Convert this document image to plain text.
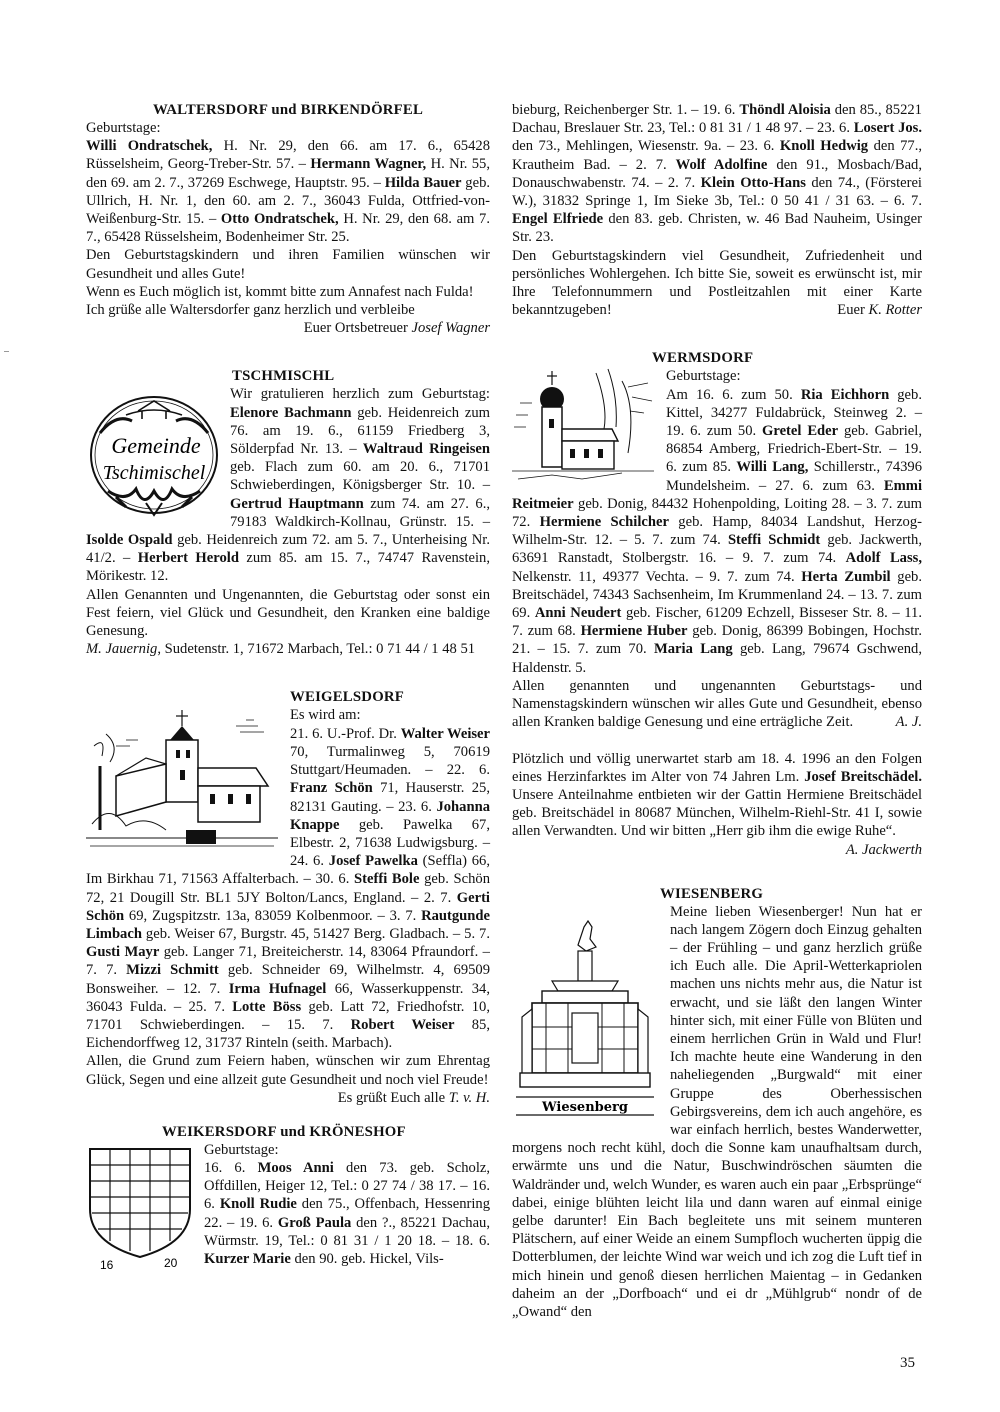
WALTERSDORF und BIRKENDÖRFEL

Geburtstage:

Willi Ondratschek, H. Nr. 29, den 66. am 17. 6., 65428 Rüsselsheim, Georg-Treber-Str. 57. – Hermann Wagner, H. Nr. 55, den 69. am 2. 7., 37269 Eschwege, Hauptstr. 95. – Hilda Bauer geb. Ullrich, H. Nr. 1, den 60. am 2. 7., 36043 Fulda, Ottfried-von-Weißenburg-Str. 15. – Otto Ondratschek, H. Nr. 29, den 68. am 7. 7., 65428 Rüsselsheim, Bodenheimer Str. 25.

Den Geburtstagskindern und ihren Familien wünschen wir Gesundheit und alles Gute!

Wenn es Euch möglich ist, kommt bitte zum Annafest nach Fulda!

Ich grüße alle Waltersdorfer ganz herzlich und verbleibe

Euer Ortsbetreuer Josef Wagner

Gemeinde
Tschimischel
TSCHMISCHL

Wir gratulieren herzlich zum Geburtstag: Elenore Bachmann geb. Heidenreich zum 76. am 19. 6., 61159 Friedberg 3, Sölderpfad Nr. 13. – Waltraud Ringeisen geb. Flach zum 60. am 20. 6., 71701 Schwieberdingen, Königsberger Str. 10. – Gertrud Hauptmann zum 74. am 27. 6., 79183 Waldkirch-Kollnau, Grünstr. 15. – Isolde Ospald geb. Heidenreich zum 72. am 5. 7., Unterheising Nr. 41/2. – Herbert Herold zum 85. am 15. 7., 74747 Ravenstein, Mörikestr. 12.

Allen Genannten und Ungenannten, die Geburtstag oder sonst ein Fest feiern, viel Glück und Gesundheit, den Kranken eine baldige Genesung.

M. Jauernig, Sudetenstr. 1, 71672 Marbach, Tel.: 0 71 44 / 1 48 51

WEIGELSDORF

Es wird am:

21. 6. U.-Prof. Dr. Walter Weiser 70, Turmalinweg 5, 70619 Stuttgart/Heumaden. – 22. 6. Franz Schön 71, Hauserstr. 25, 82131 Gauting. – 23. 6. Johanna Knappe geb. Pawelka 67, Elbestr. 2, 71638 Ludwigsburg. – 24. 6. Josef Pawelka (Seffla) 66, Im Birkhau 71, 71563 Affalterbach. – 30. 6. Steffi Bole geb. Schön 72, 21 Dougill Str. BL1 5JY Bolton/Lancs, England. – 2. 7. Gerti Schön 69, Zugspitzstr. 13a, 83059 Kolbenmoor. – 3. 7. Rautgunde Limbach geb. Weiser 67, Burgstr. 45, 51427 Berg. Gladbach. – 5. 7. Gusti Mayr geb. Langer 71, Breiteicherstr. 14, 83064 Pfraundorf. – 7. 7. Mizzi Schmitt geb. Schneider 69, Wilhelmstr. 4, 69509 Bonsweiher. – 12. 7. Irma Hufnagel 66, Wasserkuppenstr. 34, 36043 Fulda. – 25. 7. Lotte Böss geb. Latt 72, Friedhofstr. 10, 71701 Schwieberdingen. – 15. 7. Robert Weiser 85, Eichendorffweg 12, 31737 Rinteln (seith. Marbach).

Allen, die Grund zum Feiern haben, wünschen wir zum Ehrentag Glück, Segen und eine allzeit gute Gesundheit und noch viel Freude!
Es grüßt Euch alle T. v. H.

WEIKERSDORF und KRÖNESHOF
16	20

Geburtstage:

16. 6. Moos Anni den 73. geb. Scholz, Offdillen, Heiger 12, Tel.: 0 27 74 / 38 17. – 16. 6. Knoll Rudie den 75., Offenbach, Hessenring 22. – 19. 6. Groß Paula den ?., 85221 Dachau, Würmstr. 19, Tel.: 0 81 31 / 1 20 18. – 18. 6. Kurzer Marie den 90. geb. Hickel, Vils-

bieburg, Reichenberger Str. 1. – 19. 6. Thöndl Aloisia den 85., 85221 Dachau, Breslauer Str. 23, Tel.: 0 81 31 / 1 48 97. – 23. 6. Losert Jos. den 73., Mehlingen, Wiesenstr. 9a. – 23. 6. Knoll Hedwig den 77., Krautheim Bad. – 2. 7. Wolf Adolfine den 91., Mosbach/Bad, Donauschwabenstr. 74. – 2. 7. Klein Otto-Hans den 74., (Försterei W.), 31832 Springe 1, Im Sieke 3b, Tel.: 0 50 41 / 31 63. – 6. 7. Engel Elfriede den 83. geb. Christen, w. 46 Bad Nauheim, Usinger Str. 23.

Den Geburtstagskindern viel Gesundheit, Zufriedenheit und persönliches Wohlergehen. Ich bitte Sie, soweit es erwünscht ist, mir Ihre Telefonnummern und Postleitzahlen mit einer Karte bekanntzugeben!	Euer K. Rotter

WERMSDORF

Geburtstage:

Am 16. 6. zum 50. Ria Eichhorn geb. Kittel, 34277 Fuldabrück, Steinweg 2. – 19. 6. zum 50. Gretel Eder geb. Gabriel, 86854 Amberg, Friedrich-Ebert-Str. – 19. 6. zum 85. Willi Lang, Schillerstr., 74396 Mundelsheim. – 27. 6. zum 63. Emmi Reitmeier geb. Donig, 84432 Hohenpolding, Loiting 28. – 3. 7. zum 72. Hermiene Schilcher geb. Hamp, 84034 Landshut, Herzog-Wilhelm-Str. 12. – 5. 7. zum 74. Steffi Schmidt geb. Jackwerth, 63691 Ranstadt, Stolbergstr. 16. – 9. 7. zum 74. Adolf Lass, Nelkenstr. 11, 49377 Vechta. – 9. 7. zum 74. Herta Zumbil geb. Breitschädel, 74343 Sachsenheim, Im Krummenland 24. – 13. 7. zum 69. Anni Neudert geb. Fischer, 61209 Echzell, Bisseser Str. 8. – 11. 7. zum 68. Hermiene Huber geb. Donig, 86399 Bobingen, Hochstr. 21. – 15. 7. zum 70. Maria Lang geb. Lang, 79674 Gschwend, Haldenstr. 5.

Allen genannten und ungenannten Geburtstags- und Namenstagskindern wünschen wir alles Gute und Gesundheit, ebenso allen Kranken baldige Genesung und eine erträgliche Zeit.	A. J.

Plötzlich und völlig unerwartet starb am 18. 4. 1996 an den Folgen eines Herzinfarktes im Alter von 74 Jahren Lm. Josef Breitschädel. Unsere Anteilnahme entbieten wir der Gattin Hermiene Breitschädel geb. Breitschädel in 80687 München, Wilhelm-Riehl-Str. 41 I, sowie allen Verwandten. Und wir bitten „Herr gib ihm die ewige Ruhe“.
A. Jackwerth

WIESENBERG
Wiesenberg

Meine lieben Wiesenberger! Nun hat er nach langem Zögern doch Einzug gehalten – der Frühling – und ganz herzlich grüße ich Euch alle. Die April-Wetterkapriolen machen uns nichts mehr aus, die Natur ist erwacht, und sie läßt den langen Winter hinter sich, mit einer Fülle von Blüten und einem herrlichen Grün in Wald und Flur! Ich machte heute eine Wanderung in den naheliegenden „Burgwald“ mit einer Gruppe des Oberhessischen Gebirgsvereins, dem ich auch angehöre, es war einfach herrlich, bestes Wanderwetter, morgens noch recht kühl, doch die Sonne kam unaufhaltsam durch, erwärmte uns und die Natur, Buschwindröschen säumten die Waldränder und, welch Wunder, es waren auch ein paar „Erbsprünge“ dabei, einige blühten leicht lila und dann waren auf einmal einige gelbe darunter! Ein Bach begleitete uns mit seinem munteren Plätschern, auf einer Weide an einem Sumpfloch wucherten üppig die Dotterblumen, der leichte Wind war weich und ich zog die Luft tief in mich hinein und genoß diesen herrlichen Maientag – in Gedanken daheim an der „Dorfboach“ und ei dr „Mühlgrub“ nondr of de „Owand“ den

35
